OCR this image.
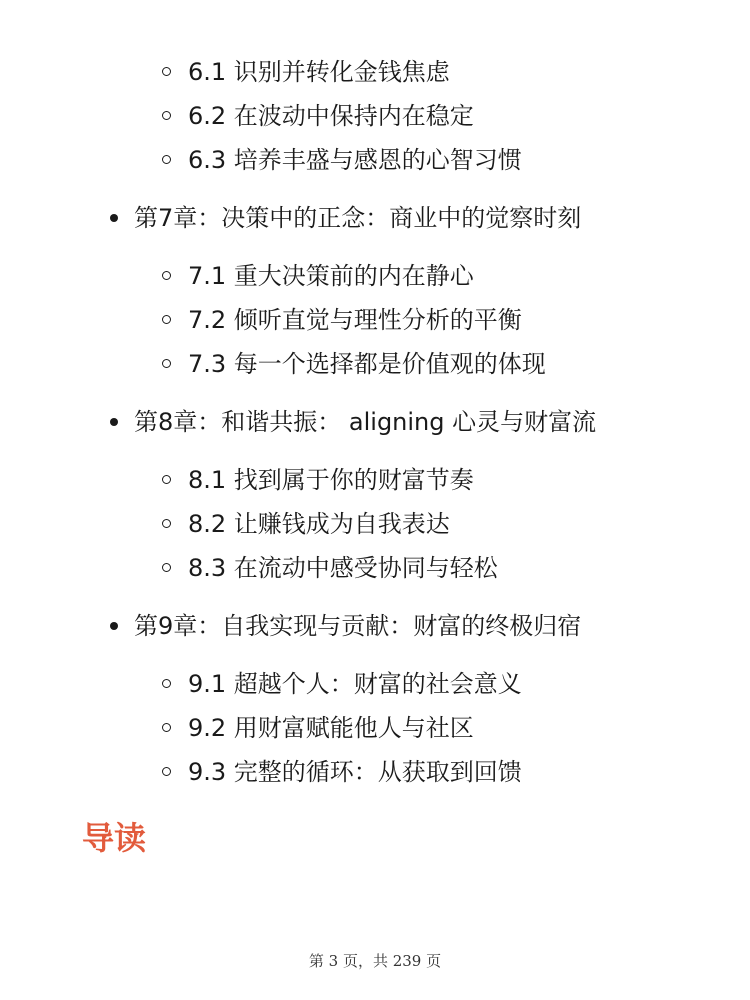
6.1 识别并转化金钱焦虑
6.2 在波动中保持内在稳定
6.3 培养丰盛与感恩的心智习惯
第7章：决策中的正念：商业中的觉察时刻
7.1 重大决策前的内在静心
7.2 倾听直觉与理性分析的平衡
7.3 每一个选择都是价值观的体现
第8章：和谐共振： aligning 心灵与财富流
8.1 找到属于你的财富节奏
8.2 让赚钱成为自我表达
8.3 在流动中感受协同与轻松
第9章：自我实现与贡献：财富的终极归宿
9.1 超越个人：财富的社会意义
9.2 用财富赋能他人与社区
9.3 完整的循环：从获取到回馈
导读
第 3 页，共 239 页
